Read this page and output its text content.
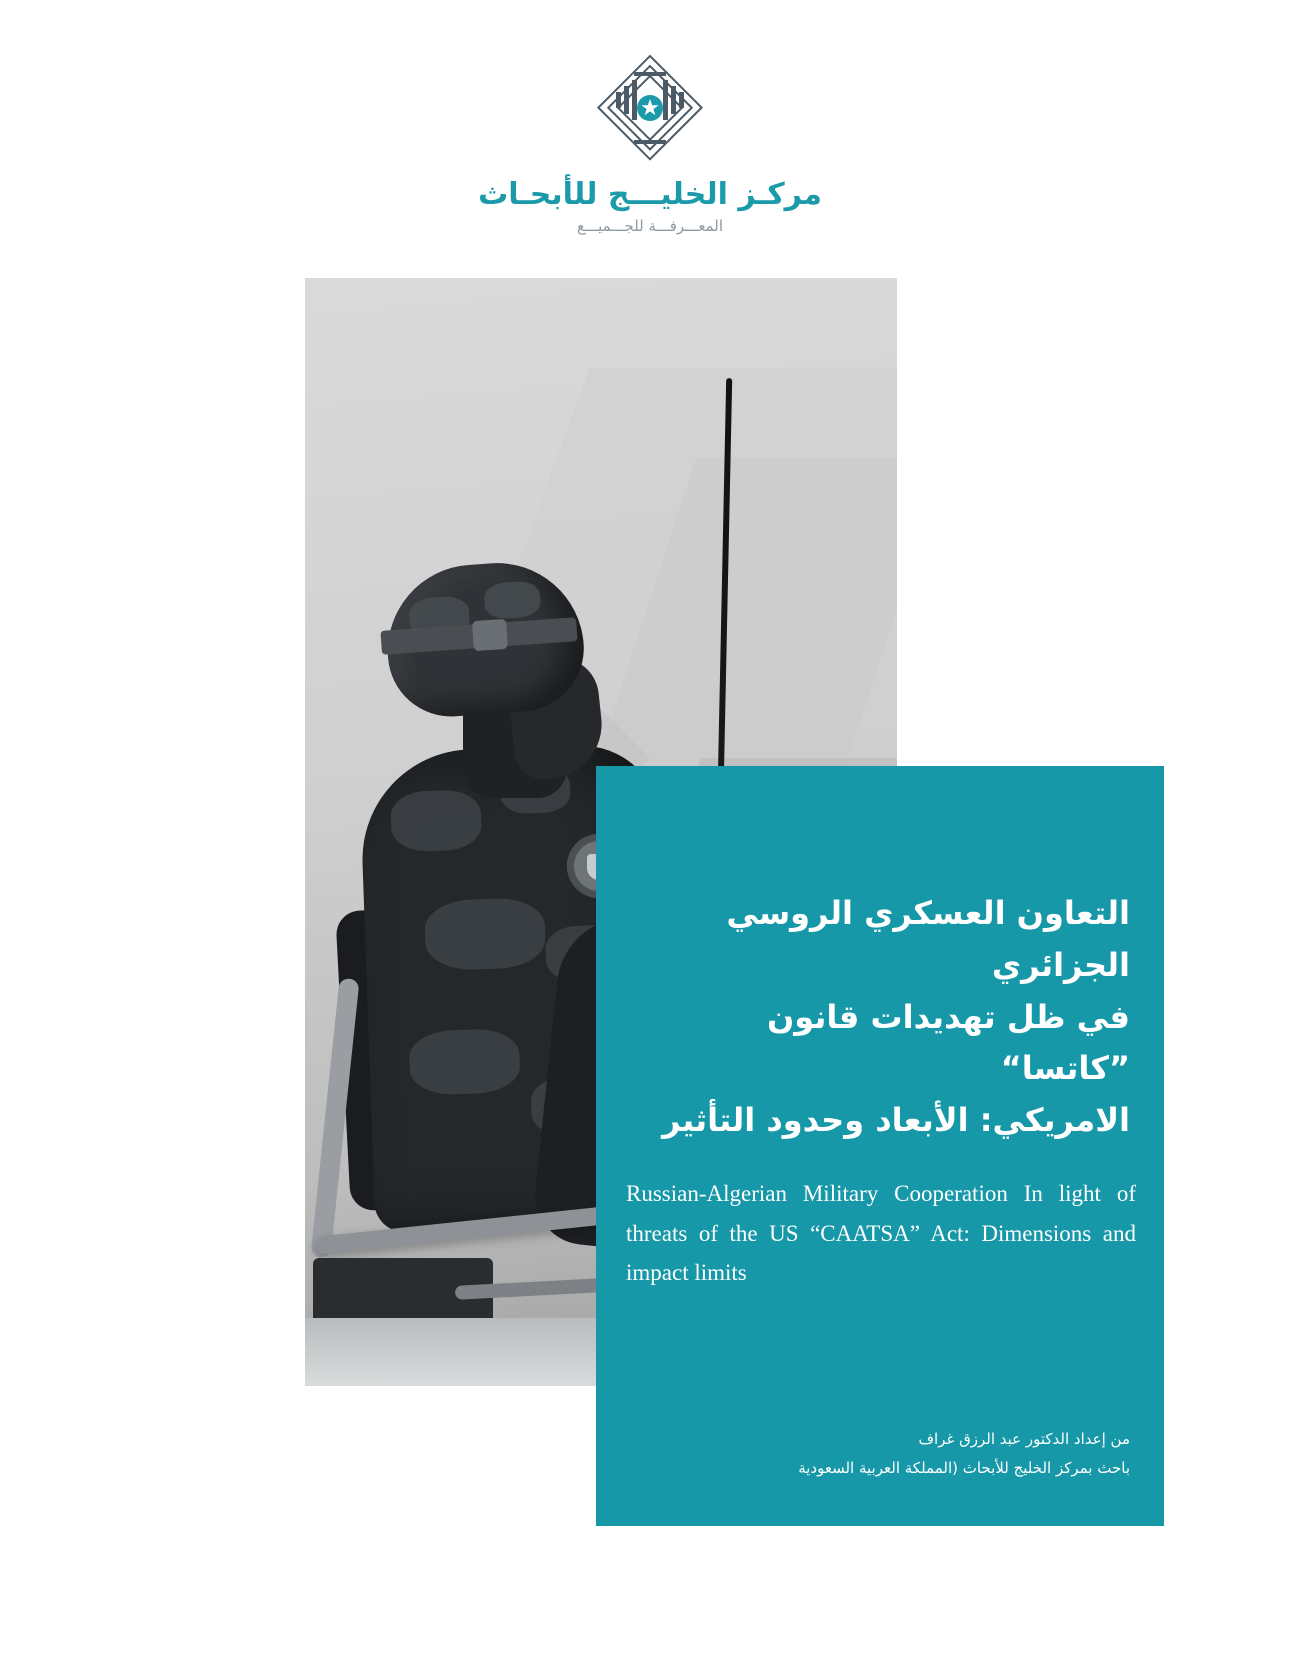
مركـز الخليـــج للأبحـاث
المعـــرفـــة للجـــميـــع
التعاون العسكري الروسي الجزائري
في ظل تهديدات قانون ”كاتسا“
الامريكي: الأبعاد وحدود التأثير
Russian-Algerian Military Cooperation In light of threats of the US “CAATSA” Act: Dimensions and impact limits
من إعداد الدكتور عبد الرزق غراف
باحث بمركز الخليج للأبحاث (المملكة العربية السعودية
